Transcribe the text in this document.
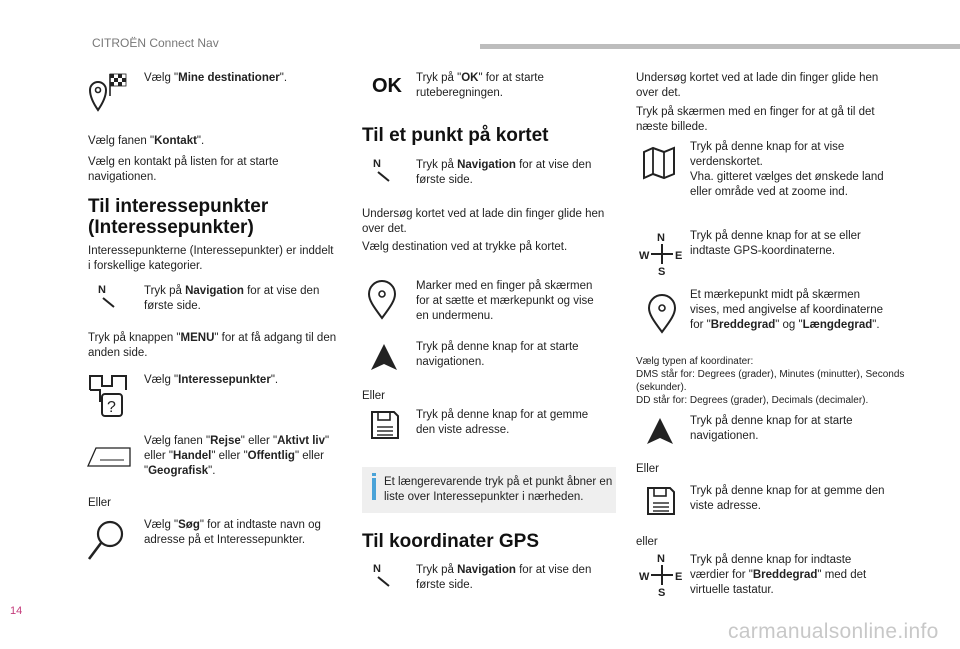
CITROËN Connect Nav
Vælg "Mine destinationer".
Vælg fanen "Kontakt".
Vælg en kontakt på listen for at starte navigationen.
Til interessepunkter
(Interessepunkter)
Interessepunkterne (Interessepunkter) er inddelt i forskellige kategorier.
N	Tryk på Navigation for at vise den første side.
Tryk på knappen "MENU" for at få adgang til den anden side.
?
Vælg "Interessepunkter".
Vælg fanen "Rejse" eller "Aktivt liv" eller "Handel" eller "Offentlig" eller "Geografisk".
Eller
Vælg "Søg" for at indtaste navn og adresse på et Interessepunkter.
OK Tryk på "OK" for at starte ruteberegningen.
Til et punkt på kortet
N	Tryk på Navigation for at vise den første side.
Undersøg kortet ved at lade din finger glide hen over det.
Vælg destination ved at trykke på kortet.
Marker med en finger på skærmen for at sætte et mærkepunkt og vise en undermenu.
Tryk på denne knap for at starte navigationen.
Eller
Tryk på denne knap for at gemme den viste adresse.
Et længerevarende tryk på et punkt åbner en liste over Interessepunkter i nærheden.
Til koordinater GPS
N	Tryk på Navigation for at vise den første side.
Undersøg kortet ved at lade din finger glide hen over det.
Tryk på skærmen med en finger for at gå til det næste billede.
Tryk på denne knap for at vise verdenskortet.
Vha. gitteret vælges det ønskede land eller område ved at zoome ind.
N
W E
S
Tryk på denne knap for at se eller indtaste GPS-koordinaterne.
Et mærkepunkt midt på skærmen vises, med angivelse af koordinaterne for "Breddegrad" og "Længdegrad".
Vælg typen af koordinater:
DMS står for: Degrees (grader), Minutes (minutter), Seconds (sekunder).
DD står for: Degrees (grader), Decimals (decimaler).
Tryk på denne knap for at starte navigationen.
Eller
Tryk på denne knap for at gemme den viste adresse.
eller
N
W E
S
Tryk på denne knap for indtaste værdier for "Breddegrad" med det virtuelle tastatur.
14
carmanualsonline.info
